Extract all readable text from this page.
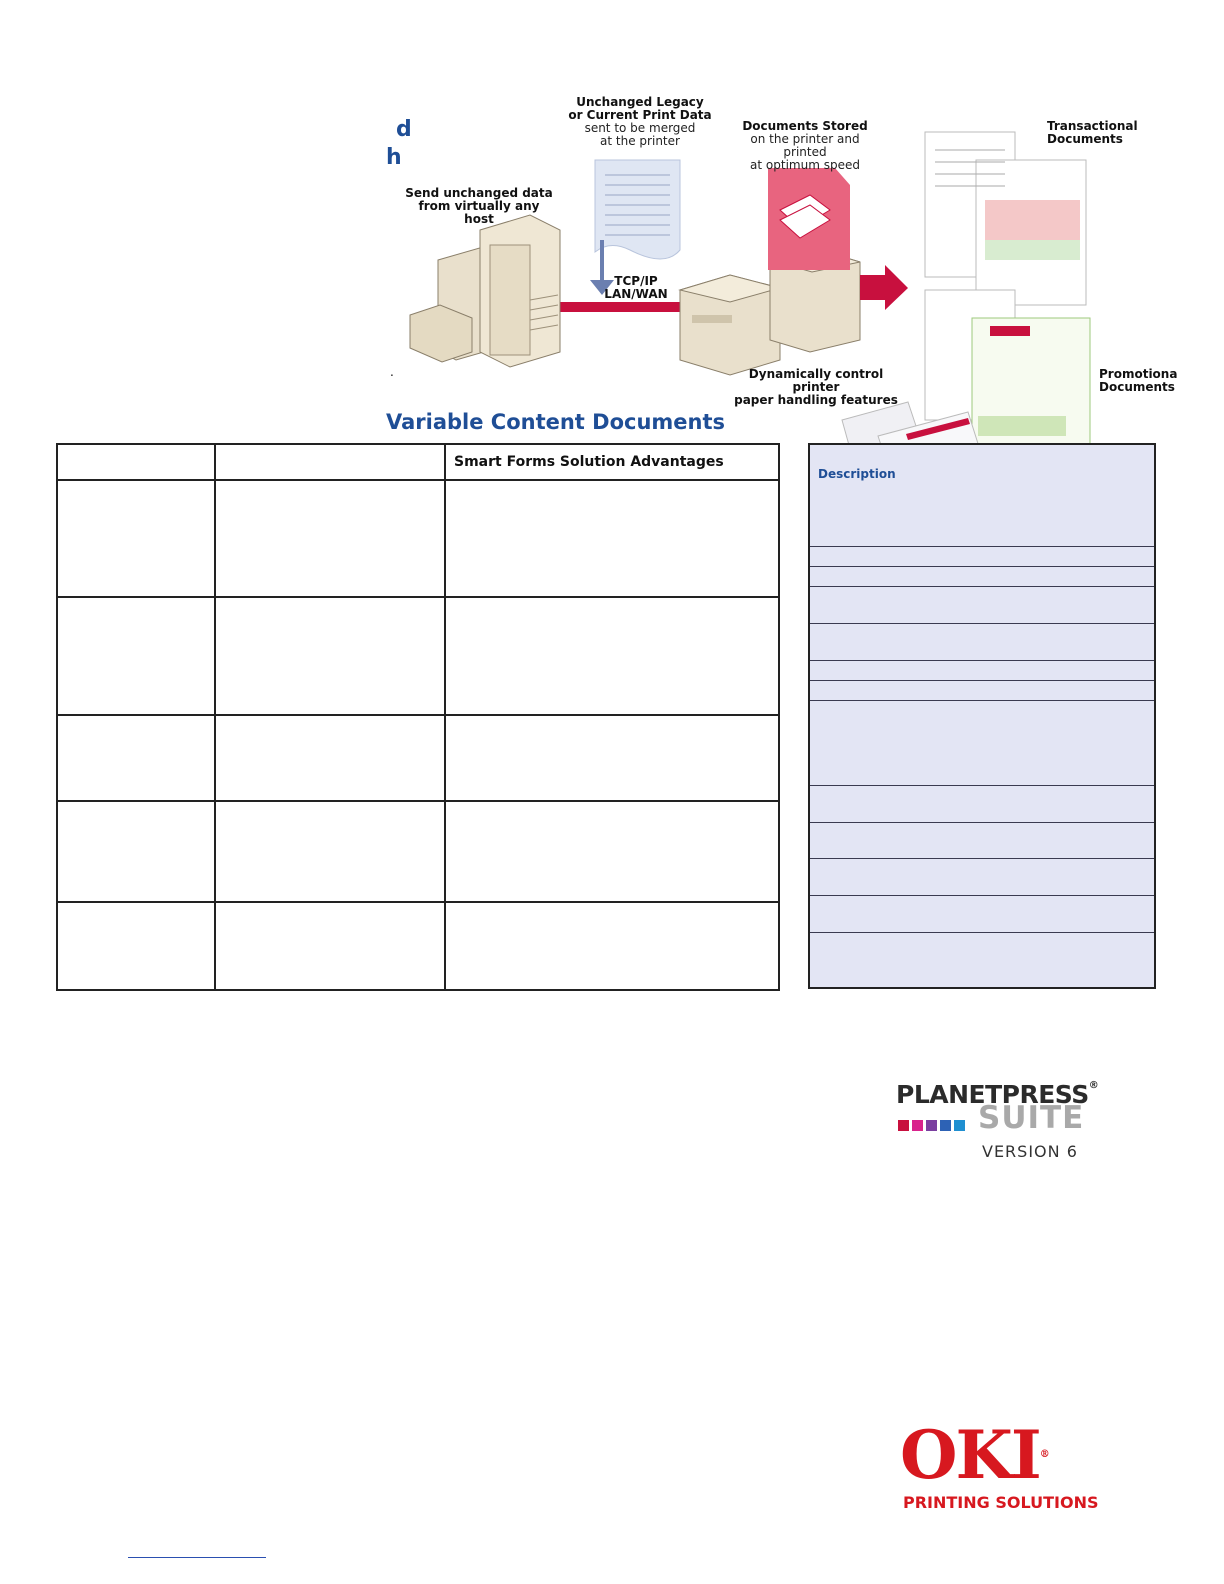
d
h
Unchanged Legacy
or Current Print Data
sent to be merged
at the printer
Documents Stored
on the printer and printed
at optimum speed
Transactional
Documents
Send unchanged data
from virtually any host
TCP/IP
LAN/WAN
Dynamically control printer
paper handling features
Promotiona
Documents
.
Variable Content Documents
		Smart Forms Solution Advantages

Description
PLANETPRESS®
SUITE
VERSION 6
OKI®
PRINTING SOLUTIONS
